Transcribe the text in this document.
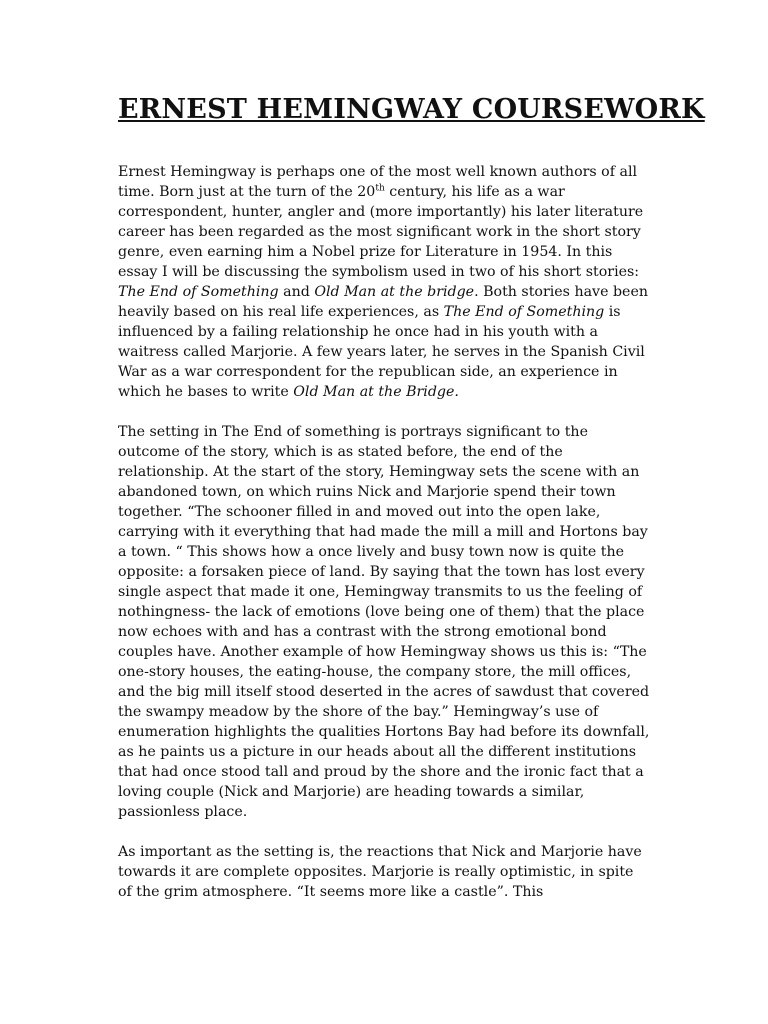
ERNEST HEMINGWAY COURSEWORK

Ernest Hemingway is perhaps one of the most well known authors of all time. Born just at the turn of the 20th century, his life as a war correspondent, hunter, angler and (more importantly) his later literature career has been regarded as the most significant work in the short story genre, even earning him a Nobel prize for Literature in 1954. In this essay I will be discussing the symbolism used in two of his short stories: The End of Something and Old Man at the bridge. Both stories have been heavily based on his real life experiences, as The End of Something is influenced by a failing relationship he once had in his youth with a waitress called Marjorie. A few years later, he serves in the Spanish Civil War as a war correspondent for the republican side, an experience in which he bases to write Old Man at the Bridge.

The setting in The End of something is portrays significant to the outcome of the story, which is as stated before, the end of the relationship. At the start of the story, Hemingway sets the scene with an abandoned town, on which ruins Nick and Marjorie spend their town together. “The schooner filled in and moved out into the open lake, carrying with it everything that had made the mill a mill and Hortons bay a town. “ This shows how a once lively and busy town now is quite the opposite: a forsaken piece of land. By saying that the town has lost every single aspect that made it one, Hemingway transmits to us the feeling of nothingness- the lack of emotions (love being one of them) that the place now echoes with and has a contrast with the strong emotional bond couples have. Another example of how Hemingway shows us this is: “The one-story houses, the eating-house, the company store, the mill offices, and the big mill itself stood deserted in the acres of sawdust that covered the swampy meadow by the shore of the bay.” Hemingway’s use of enumeration highlights the qualities Hortons Bay had before its downfall, as he paints us a picture in our heads about all the different institutions that had once stood tall and proud by the shore and the ironic fact that a loving couple (Nick and Marjorie) are heading towards a similar, passionless place.

As important as the setting is, the reactions that Nick and Marjorie have towards it are complete opposites. Marjorie is really optimistic, in spite of the grim atmosphere. “It seems more like a castle”. This
